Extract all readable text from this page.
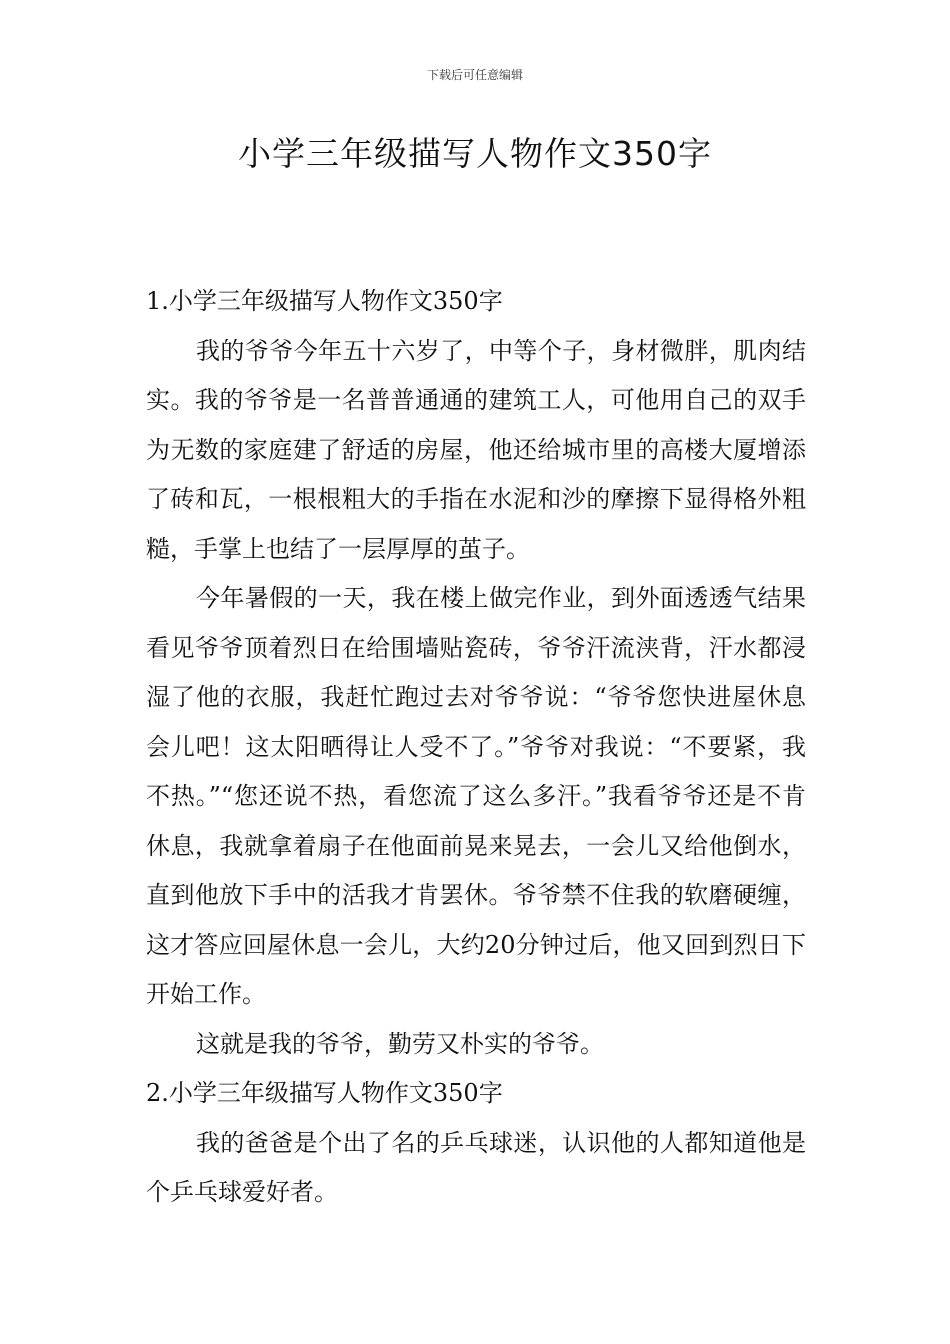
下载后可任意编辑
小学三年级描写人物作文350字

1.小学三年级描写人物作文350字

我的爷爷今年五十六岁了，中等个子，身材微胖，肌肉结实。我的爷爷是一名普普通通的建筑工人，可他用自己的双手为无数的家庭建了舒适的房屋，他还给城市里的高楼大厦增添了砖和瓦，一根根粗大的手指在水泥和沙的摩擦下显得格外粗糙，手掌上也结了一层厚厚的茧子。

今年暑假的一天，我在楼上做完作业，到外面透透气结果看见爷爷顶着烈日在给围墙贴瓷砖，爷爷汗流浃背，汗水都浸湿了他的衣服，我赶忙跑过去对爷爷说：“爷爷您快进屋休息会儿吧！这太阳晒得让人受不了。”爷爷对我说：“不要紧，我不热。”“您还说不热，看您流了这么多汗。”我看爷爷还是不肯休息，我就拿着扇子在他面前晃来晃去，一会儿又给他倒水，直到他放下手中的活我才肯罢休。爷爷禁不住我的软磨硬缠，这才答应回屋休息一会儿，大约20分钟过后，他又回到烈日下开始工作。

这就是我的爷爷，勤劳又朴实的爷爷。

2.小学三年级描写人物作文350字

我的爸爸是个出了名的乒乓球迷，认识他的人都知道他是个乒乓球爱好者。
